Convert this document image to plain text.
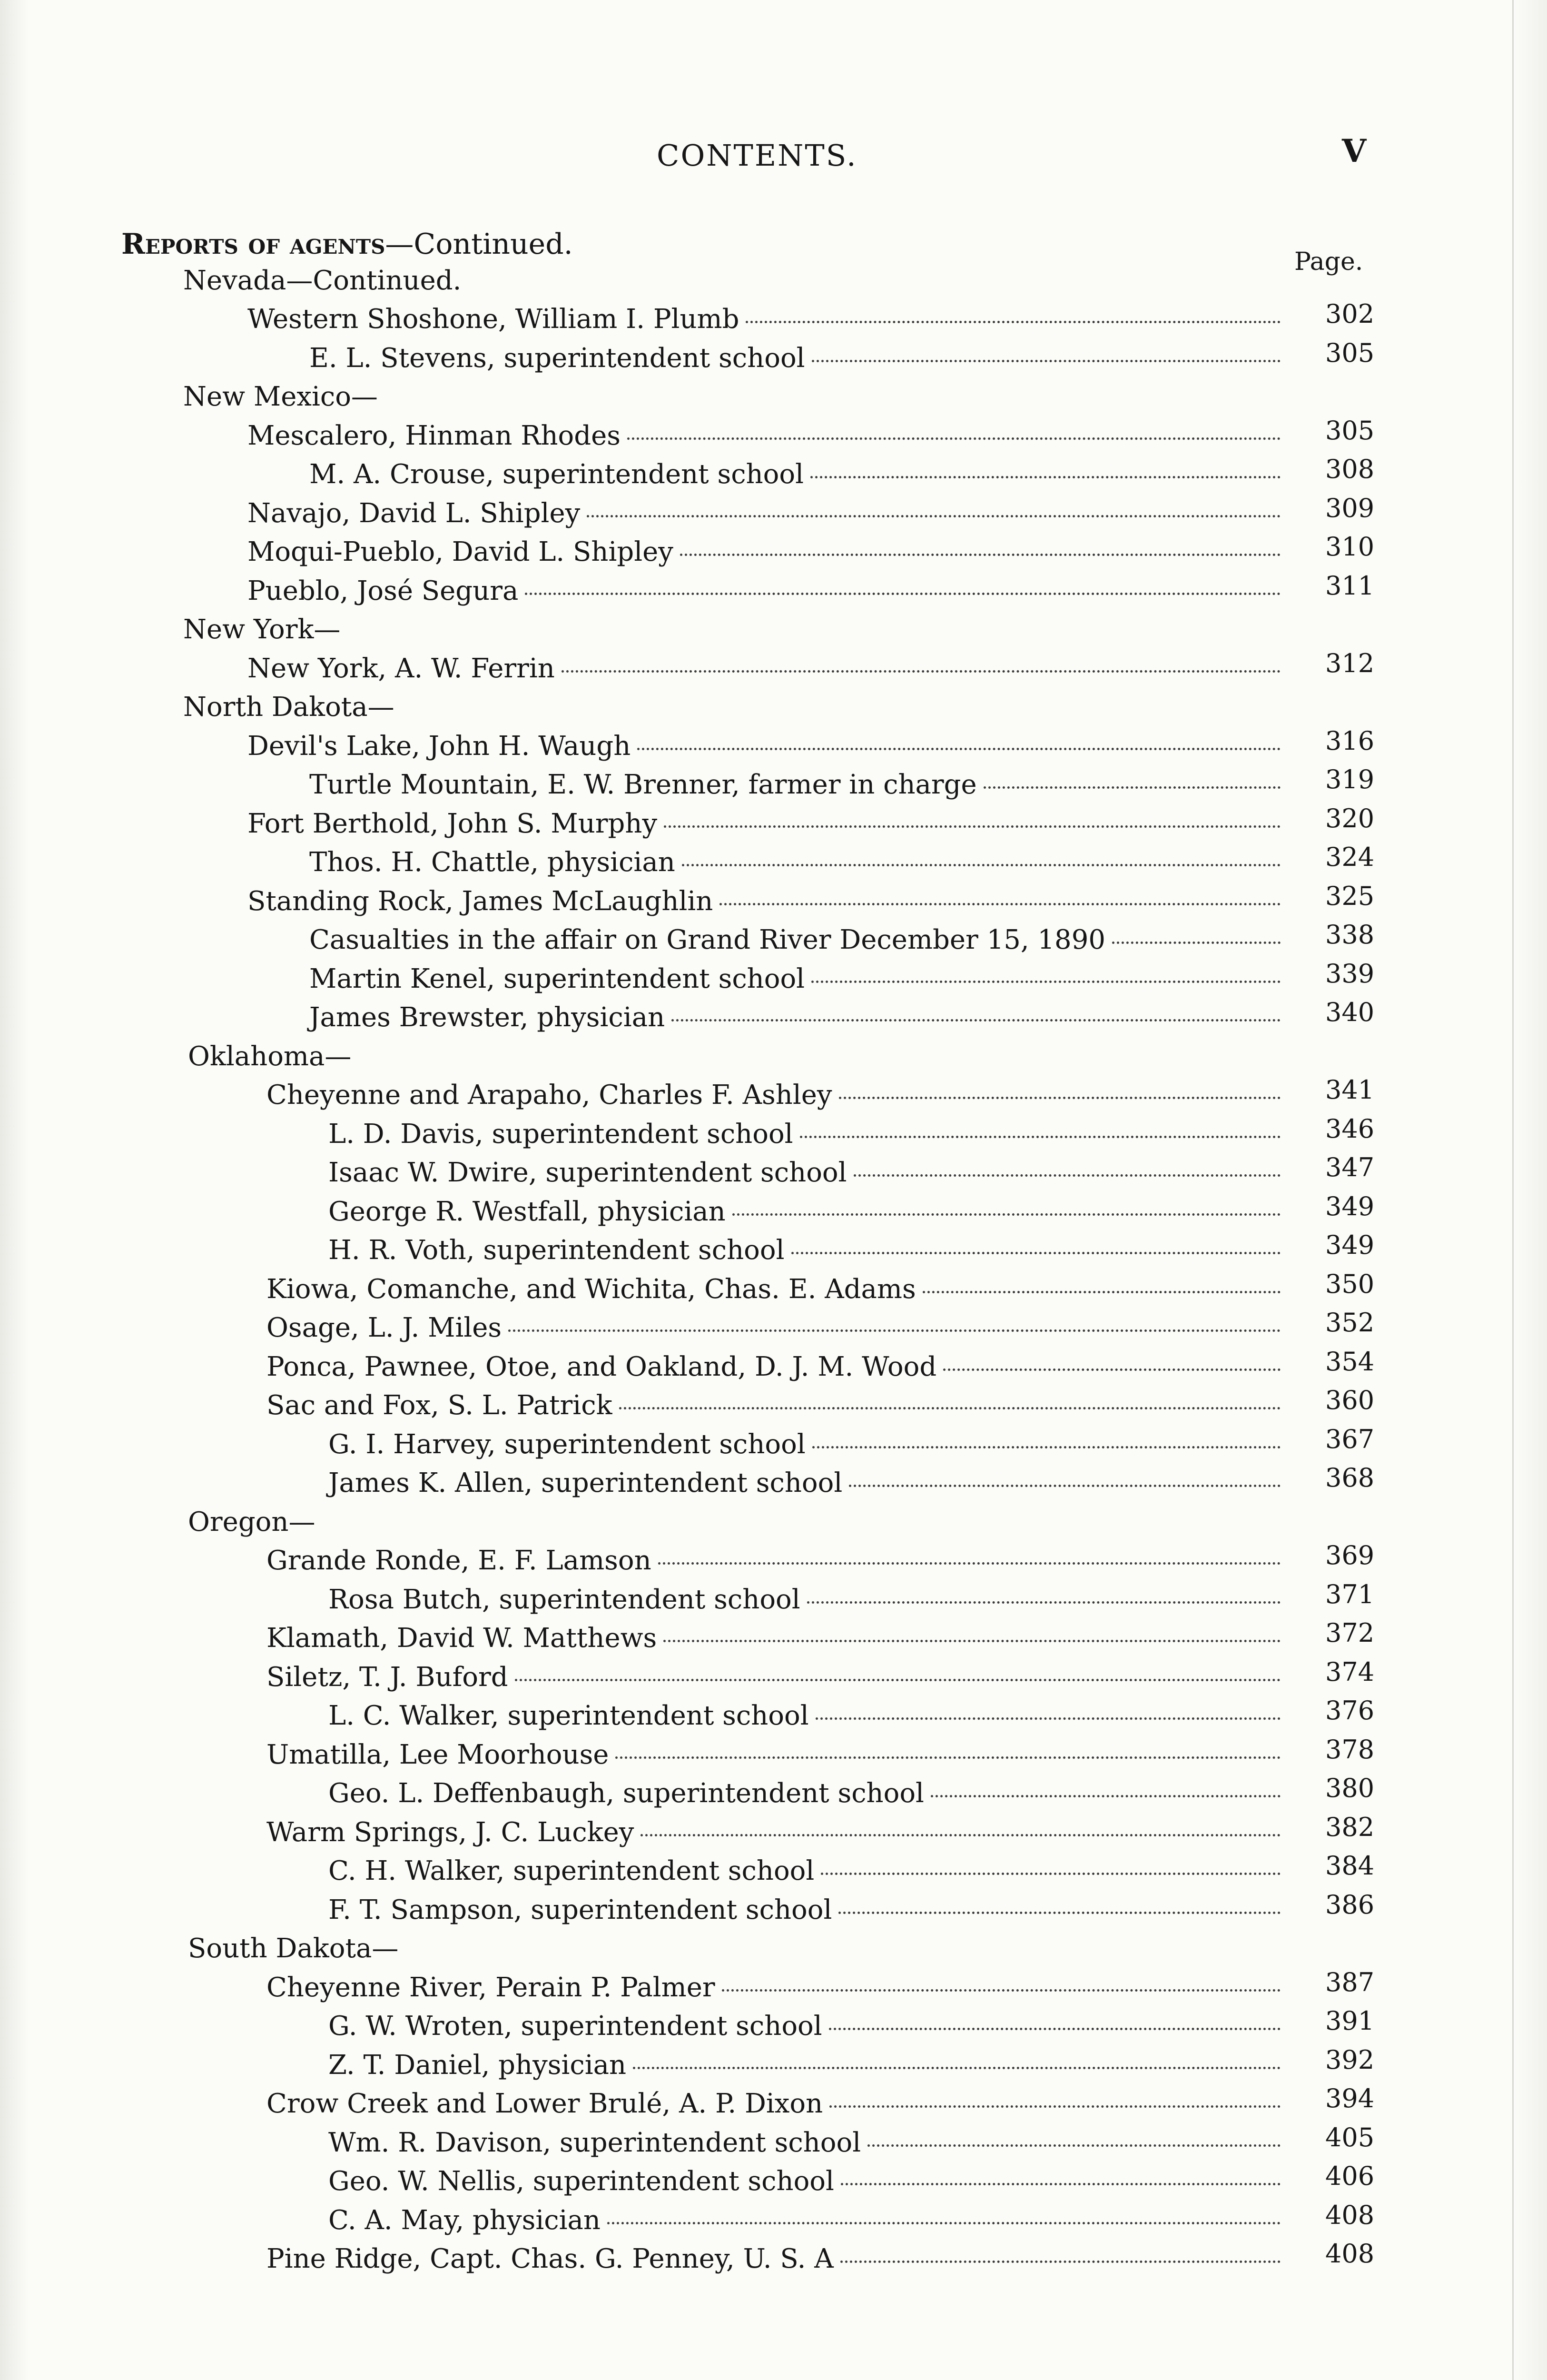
CONTENTS.	V
Reports of agents—Continued.
Page.
Nevada—Continued.
302
Western Shoshone, William I. Plumb
305
E. L. Stevens, superintendent school
New Mexico—
305
Mescalero, Hinman Rhodes
308
M. A. Crouse, superintendent school
309
Navajo, David L. Shipley
310
Moqui-Pueblo, David L. Shipley
311
Pueblo, José Segura
New York—
312
New York, A. W. Ferrin
North Dakota—
316
Devil's Lake, John H. Waugh
319
Turtle Mountain, E. W. Brenner, farmer in charge
320
Fort Berthold, John S. Murphy
324
Thos. H. Chattle, physician
325
Standing Rock, James McLaughlin
338
Casualties in the affair on Grand River December 15, 1890
339
Martin Kenel, superintendent school
340
James Brewster, physician
Oklahoma—
341
Cheyenne and Arapaho, Charles F. Ashley
346
L. D. Davis, superintendent school
347
Isaac W. Dwire, superintendent school
349
George R. Westfall, physician
349
H. R. Voth, superintendent school
350
Kiowa, Comanche, and Wichita, Chas. E. Adams
352
Osage, L. J. Miles
354
Ponca, Pawnee, Otoe, and Oakland, D. J. M. Wood
360
Sac and Fox, S. L. Patrick
367
G. I. Harvey, superintendent school
368
James K. Allen, superintendent school
Oregon—
369
Grande Ronde, E. F. Lamson
371
Rosa Butch, superintendent school
372
Klamath, David W. Matthews
374
Siletz, T. J. Buford
376
L. C. Walker, superintendent school
378
Umatilla, Lee Moorhouse
380
Geo. L. Deffenbaugh, superintendent school
382
Warm Springs, J. C. Luckey
384
C. H. Walker, superintendent school
386
F. T. Sampson, superintendent school
South Dakota—
387
Cheyenne River, Perain P. Palmer
391
G. W. Wroten, superintendent school
392
Z. T. Daniel, physician
394
Crow Creek and Lower Brulé, A. P. Dixon
405
Wm. R. Davison, superintendent school
406
Geo. W. Nellis, superintendent school
408
C. A. May, physician
408
Pine Ridge, Capt. Chas. G. Penney, U. S. A
